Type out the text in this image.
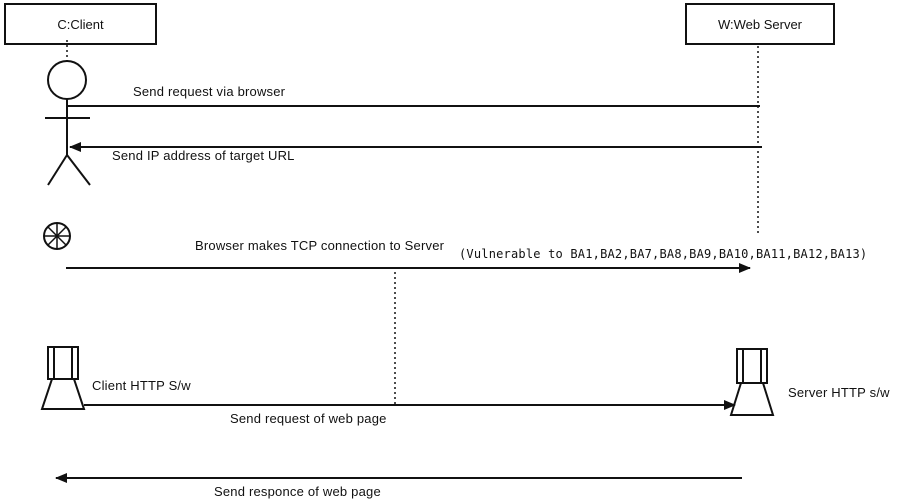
C:Client	W:Web Server
Send request via browser
Send IP address of target URL
Browser makes TCP connection to Server
(Vulnerable to BA1,BA2,BA7,BA8,BA9,BA10,BA11,BA12,BA13)
Client HTTP S/w
Send request of web page
Server HTTP s/w
Send responce of web page
